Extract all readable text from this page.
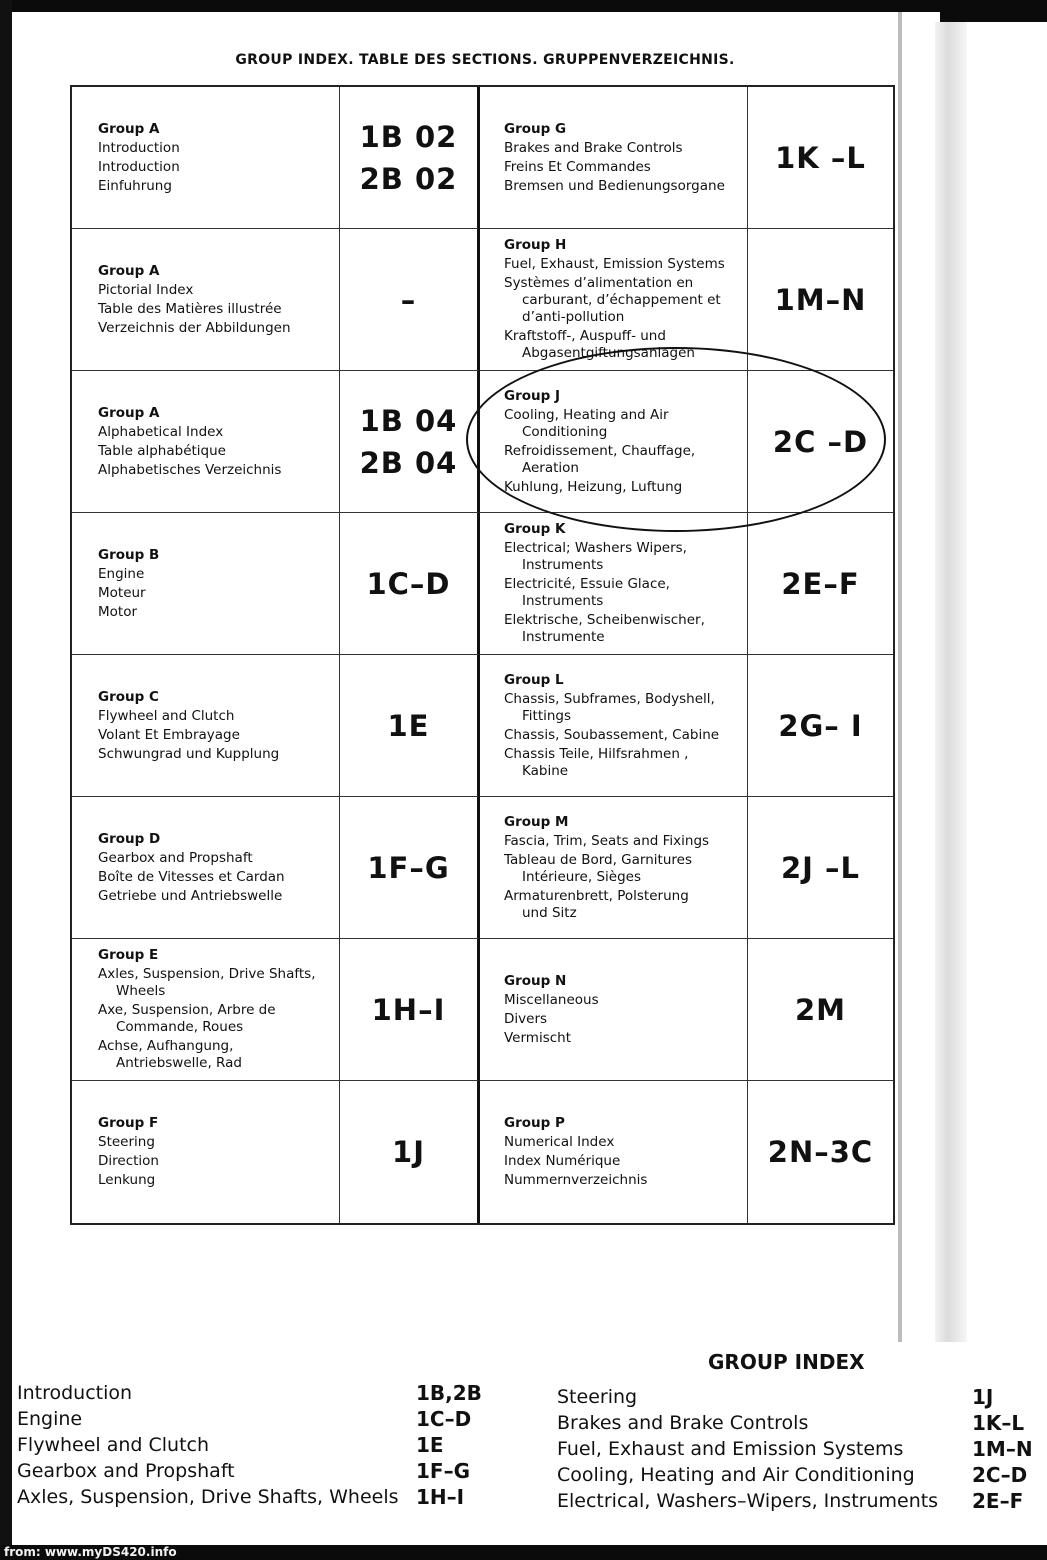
GROUP INDEX. TABLE DES SECTIONS. GRUPPENVERZEICHNIS.
Group A
Introduction
Introduction
Einfuhrung
1B 02
2B 02
Group G
Brakes and Brake Controls
Freins Et Commandes
Bremsen und Bedienungsorgane
1K –L
Group A
Pictorial Index
Table des Matières illustrée
Verzeichnis der Abbildungen
–
Group H
Fuel, Exhaust, Emission Systems
Systèmes d’alimentation en
carburant, d’échappement et
d’anti-pollution
Kraftstoff-, Auspuff- und
Abgasentgiftungsanlagen
1M–N
Group A
Alphabetical Index
Table alphabétique
Alphabetisches Verzeichnis
1B 04
2B 04
Group J
Cooling, Heating and Air
Conditioning
Refroidissement, Chauffage,
Aeration
Kuhlung, Heizung, Luftung
2C –D
Group B
Engine
Moteur
Motor
1C–D
Group K
Electrical; Washers Wipers,
Instruments
Electricité, Essuie Glace,
Instruments
Elektrische, Scheibenwischer,
Instrumente
2E–F
Group C
Flywheel and Clutch
Volant Et Embrayage
Schwungrad und Kupplung
1E
Group L
Chassis, Subframes, Bodyshell,
Fittings
Chassis, Soubassement, Cabine
Chassis Teile, Hilfsrahmen ,
Kabine
2G– I
Group D
Gearbox and Propshaft
Boîte de Vitesses et Cardan
Getriebe und Antriebswelle
1F–G
Group M
Fascia, Trim, Seats and Fixings
Tableau de Bord, Garnitures
Intérieure, Sièges
Armaturenbrett, Polsterung
und Sitz
2J –L
Group E
Axles, Suspension, Drive Shafts,
Wheels
Axe, Suspension, Arbre de
Commande, Roues
Achse, Aufhangung,
Antriebswelle, Rad
1H–I
Group N
Miscellaneous
Divers
Vermischt
2M
Group F
Steering
Direction
Lenkung
1J
Group P
Numerical Index
Index Numérique
Nummernverzeichnis
2N–3C
GROUP INDEX
Introduction
Engine
Flywheel and Clutch
Gearbox and Propshaft
Axles, Suspension, Drive Shafts, Wheels
1B,2B
1C–D
1E
1F–G
1H–I
Steering
Brakes and Brake Controls
Fuel, Exhaust and Emission Systems
Cooling, Heating and Air Conditioning
Electrical, Washers–Wipers, Instruments
1J
1K–L
1M–N
2C–D
2E–F
from: www.myDS420.info
